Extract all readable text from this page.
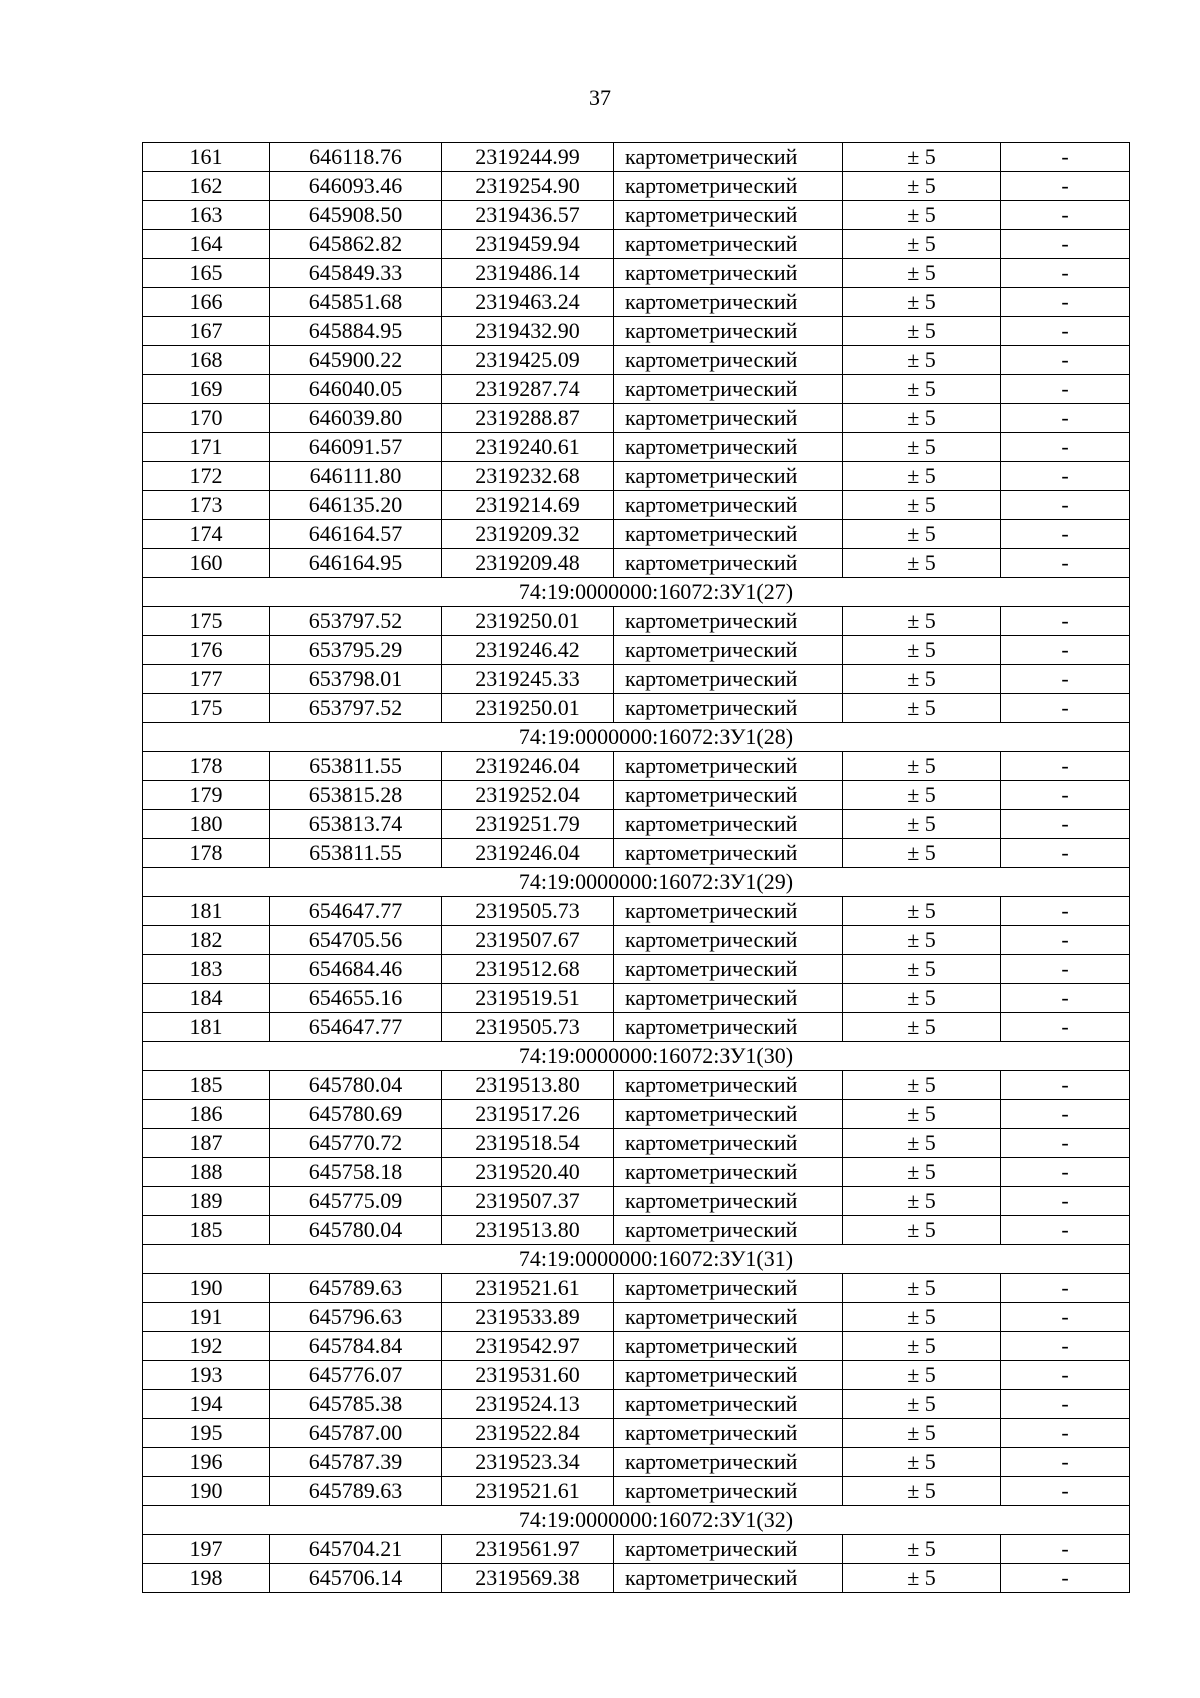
37
161	646118.76	2319244.99	картометрический	± 5	-
162	646093.46	2319254.90	картометрический	± 5	-
163	645908.50	2319436.57	картометрический	± 5	-
164	645862.82	2319459.94	картометрический	± 5	-
165	645849.33	2319486.14	картометрический	± 5	-
166	645851.68	2319463.24	картометрический	± 5	-
167	645884.95	2319432.90	картометрический	± 5	-
168	645900.22	2319425.09	картометрический	± 5	-
169	646040.05	2319287.74	картометрический	± 5	-
170	646039.80	2319288.87	картометрический	± 5	-
171	646091.57	2319240.61	картометрический	± 5	-
172	646111.80	2319232.68	картометрический	± 5	-
173	646135.20	2319214.69	картометрический	± 5	-
174	646164.57	2319209.32	картометрический	± 5	-
160	646164.95	2319209.48	картометрический	± 5	-
74:19:0000000:16072:ЗУ1(27)					
175	653797.52	2319250.01	картометрический	± 5	-
176	653795.29	2319246.42	картометрический	± 5	-
177	653798.01	2319245.33	картометрический	± 5	-
175	653797.52	2319250.01	картометрический	± 5	-
74:19:0000000:16072:ЗУ1(28)					
178	653811.55	2319246.04	картометрический	± 5	-
179	653815.28	2319252.04	картометрический	± 5	-
180	653813.74	2319251.79	картометрический	± 5	-
178	653811.55	2319246.04	картометрический	± 5	-
74:19:0000000:16072:ЗУ1(29)					
181	654647.77	2319505.73	картометрический	± 5	-
182	654705.56	2319507.67	картометрический	± 5	-
183	654684.46	2319512.68	картометрический	± 5	-
184	654655.16	2319519.51	картометрический	± 5	-
181	654647.77	2319505.73	картометрический	± 5	-
74:19:0000000:16072:ЗУ1(30)					
185	645780.04	2319513.80	картометрический	± 5	-
186	645780.69	2319517.26	картометрический	± 5	-
187	645770.72	2319518.54	картометрический	± 5	-
188	645758.18	2319520.40	картометрический	± 5	-
189	645775.09	2319507.37	картометрический	± 5	-
185	645780.04	2319513.80	картометрический	± 5	-
74:19:0000000:16072:ЗУ1(31)					
190	645789.63	2319521.61	картометрический	± 5	-
191	645796.63	2319533.89	картометрический	± 5	-
192	645784.84	2319542.97	картометрический	± 5	-
193	645776.07	2319531.60	картометрический	± 5	-
194	645785.38	2319524.13	картометрический	± 5	-
195	645787.00	2319522.84	картометрический	± 5	-
196	645787.39	2319523.34	картометрический	± 5	-
190	645789.63	2319521.61	картометрический	± 5	-
74:19:0000000:16072:ЗУ1(32)					
197	645704.21	2319561.97	картометрический	± 5	-
198	645706.14	2319569.38	картометрический	± 5	-
